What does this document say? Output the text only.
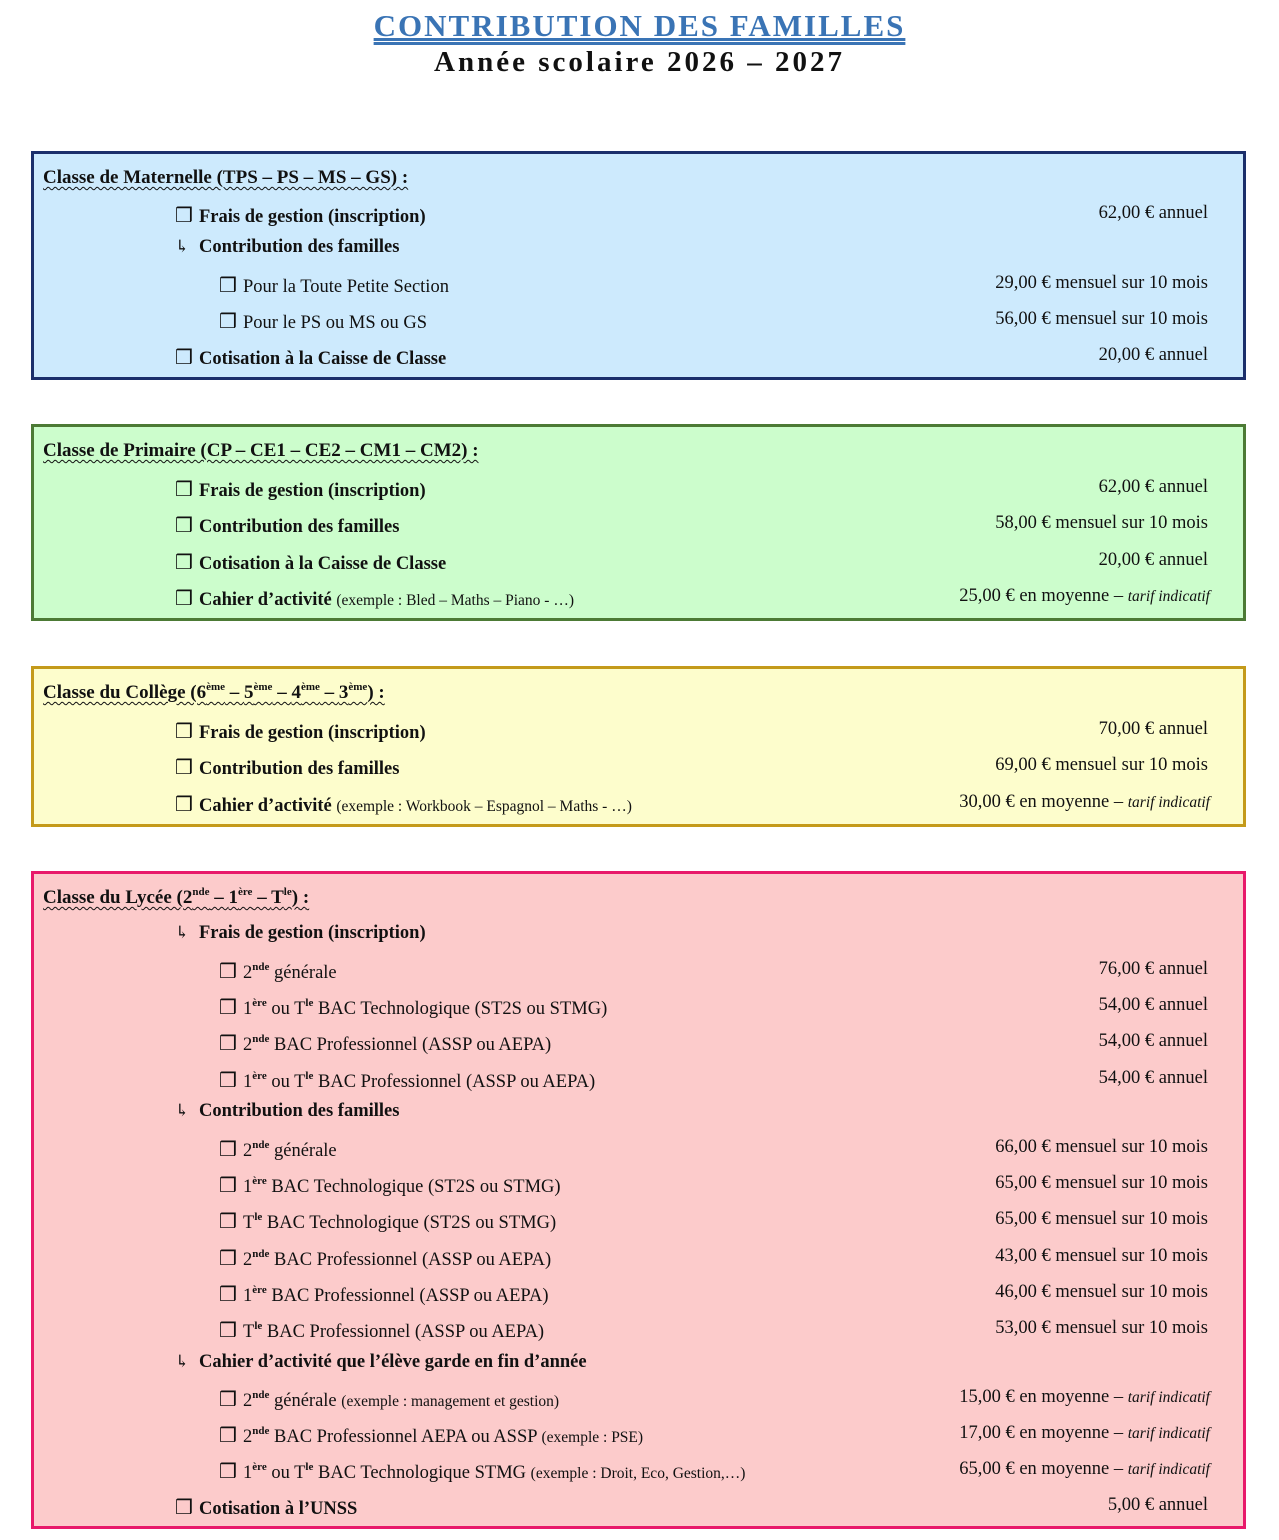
CONTRIBUTION DES FAMILLES
Année scolaire 2026 – 2027
Classe de Maternelle (TPS – PS – MS – GS) :
❒ Frais de gestion (inscription)	62,00 € annuel
↳ Contribution des familles
❒ Pour la Toute Petite Section	29,00 € mensuel sur 10 mois
❒ Pour le PS ou MS ou GS	56,00 € mensuel sur 10 mois
❒ Cotisation à la Caisse de Classe	20,00 € annuel
Classe de Primaire (CP – CE1 – CE2 – CM1 – CM2) :
❒ Frais de gestion (inscription)	62,00 € annuel
❒ Contribution des familles	58,00 € mensuel sur 10 mois
❒ Cotisation à la Caisse de Classe	20,00 € annuel
❒ Cahier d’activité (exemple : Bled – Maths – Piano - …)	25,00 € en moyenne – tarif indicatif
Classe du Collège (6ème – 5ème – 4ème – 3ème) :
❒ Frais de gestion (inscription)	70,00 € annuel
❒ Contribution des familles	69,00 € mensuel sur 10 mois
❒ Cahier d’activité (exemple : Workbook – Espagnol – Maths - …)	30,00 € en moyenne – tarif indicatif
Classe du Lycée $(2nde - 1ère - T^{le})$ :
↳ Frais de gestion (inscription)
❒ 2nde générale	76,00 € annuel
❒ 1ère ou $T^{le}$ BAC Technologique (ST2S ou STMG)	54,00 € annuel
❒ 2nde BAC Professionnel (ASSP ou AEPA)	54,00 € annuel
❒ 1ère ou $T^{le}$ BAC Professionnel (ASSP ou AEPA)	54,00 € annuel
↳ Contribution des familles
❒ 2nde générale	66,00 € mensuel sur 10 mois
❒ 1ère BAC Technologique (ST2S ou STMG)	65,00 € mensuel sur 10 mois
❒ $T^{le}$ BAC Technologique (ST2S ou STMG)	65,00 € mensuel sur 10 mois
❒ 2nde BAC Professionnel (ASSP ou AEPA)	43,00 € mensuel sur 10 mois
❒ 1ère BAC Professionnel (ASSP ou AEPA)	46,00 € mensuel sur 10 mois
❒ $T^{le}$ BAC Professionnel (ASSP ou AEPA)	53,00 € mensuel sur 10 mois
↳ Cahier d’activité que l’élève garde en fin d’année
❒ 2nde générale (exemple : management et gestion)	15,00 € en moyenne – tarif indicatif
❒ 2nde BAC Professionnel AEPA ou ASSP (exemple : PSE)	17,00 € en moyenne – tarif indicatif
❒ 1ère ou $T^{le}$ BAC Technologique STMG (exemple : Droit, Eco, Gestion,…)	65,00 € en moyenne – tarif indicatif
❒ Cotisation à l’UNSS	5,00 € annuel
